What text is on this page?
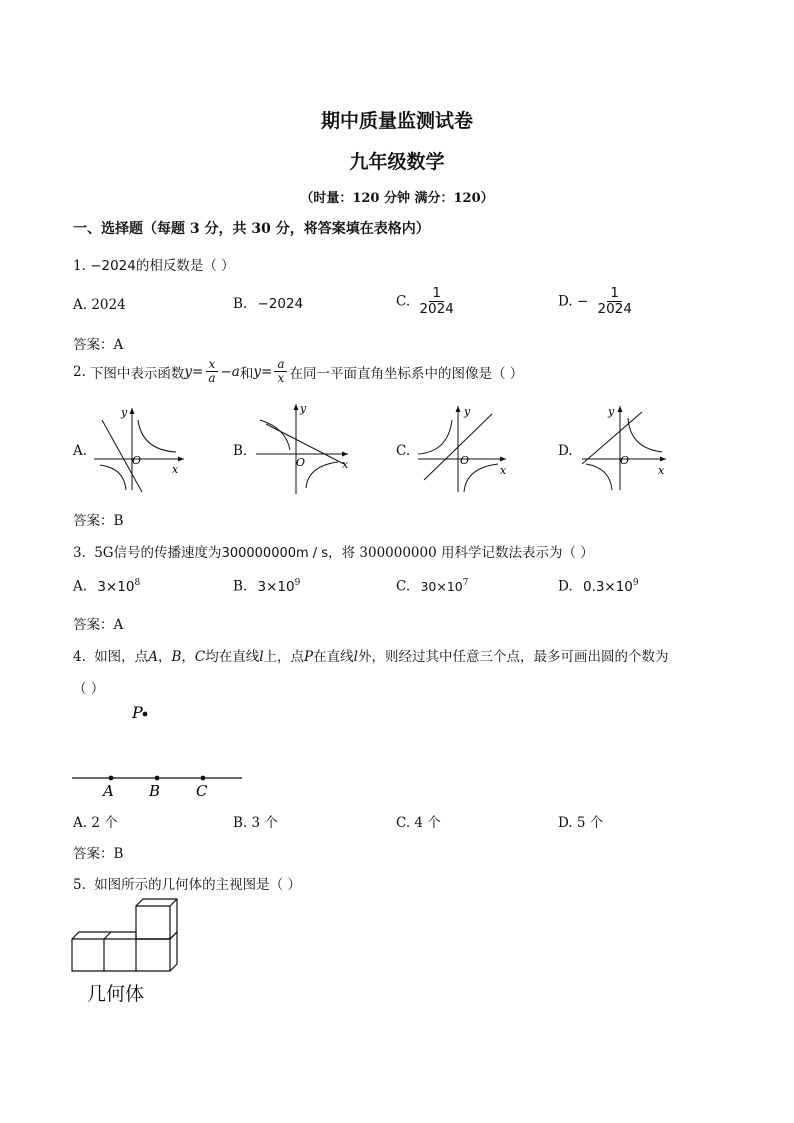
期中质量监测试卷
九年级数学
（时量：120 分钟 满分：120）
一、选择题（每题 3 分，共 30 分，将答案填在表格内）
1. −2024的相反数是（ ）
A. 2024	B. −2024	C. $\frac{1}{2024}$	D. − $\frac{1}{2024}$
答案：A
2. 下图中表示函数 $y = \frac{x}{a} -a$ 和 $y = \frac{a}{x}$ 在同一平面直角坐标系中的图像是（ ）
A.
x
y
O
B.
x
y
O
C.
x
y
O
D.
x
y
O
答案：B
3. 5G信号的传播速度为300000000m / s，将 300000000 用科学记数法表示为（ ）
A. $3\times 10^8$	B. $3\times 10^9$	C. $30\times 10^7$	D. $0.3\times 10^9$
答案：A
4. 如图，点A，B，C均在直线l上，点P在直线l外，则经过其中任意三个点，最多可画出圆的个数为
（ ）
P
A B C
A. 2 个	B. 3 个	C. 4 个	D. 5 个
答案：B
5. 如图所示的几何体的主视图是（ ）
几何体
